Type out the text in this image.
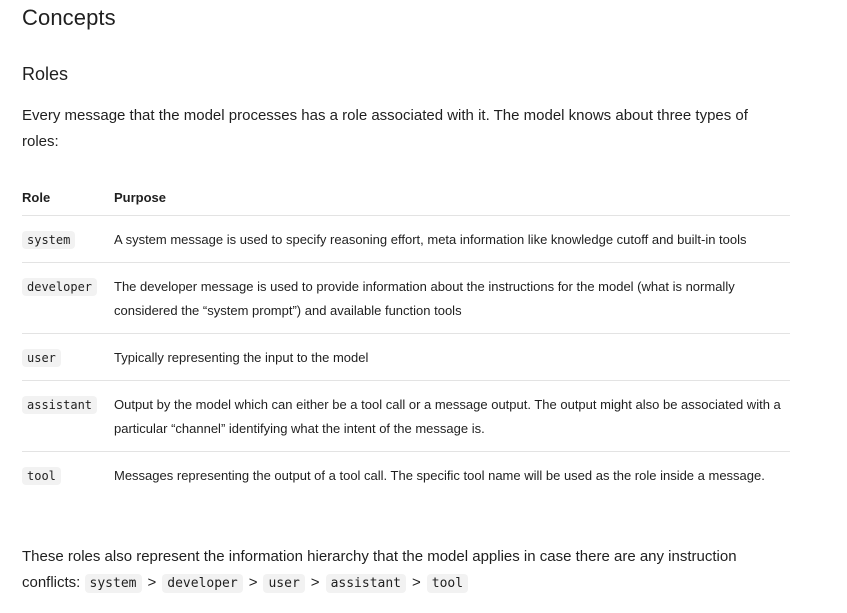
Concepts
Roles

Every message that the model processes has a role associated with it. The model knows about three types of roles:

Role	Purpose
system	A system message is used to specify reasoning effort, meta information like knowledge cutoff and built-in tools
developer	The developer message is used to provide information about the instructions for the model (what is normally considered the “system prompt”) and available function tools
user	Typically representing the input to the model
assistant	Output by the model which can either be a tool call or a message output. The output might also be associated with a particular “channel” identifying what the intent of the message is.
tool	Messages representing the output of a tool call. The specific tool name will be used as the role inside a message.

These roles also represent the information hierarchy that the model applies in case there are any instruction conflicts: system > developer > user > assistant > tool
